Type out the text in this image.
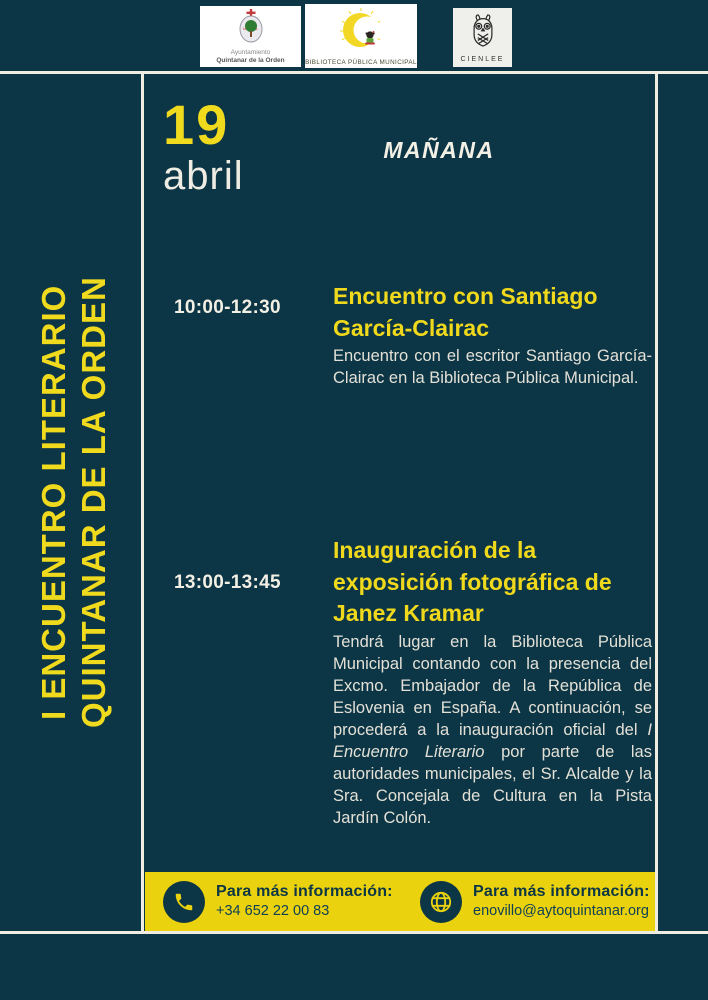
M L
Ayuntamiento
Quintanar de la Orden	BIBLIOTECA PÚBLICA MUNICIPAL	CIENLEE
I ENCUENTRO LITERARIO QUINTANAR DE LA ORDEN
19
abril
MAÑANA
10:00-12:30	Encuentro con Santiago García-Clairac

Encuentro con el escritor Santiago García-Clairac en la Biblioteca Pública Municipal.

13:00-13:45
Inauguración de la exposición fotográfica de Janez Kramar

Tendrá lugar en la Biblioteca Pública Municipal contando con la presencia del Excmo. Embajador de la República de Eslovenia en España. A continuación, se procederá a la inauguración oficial del I Encuentro Literario por parte de las autoridades municipales, el Sr. Alcalde y la Sra. Concejala de Cultura en la Pista Jardín Colón.

Para más información:
+34 652 22 00 83
Para más información:
enovillo@aytoquintanar.org
